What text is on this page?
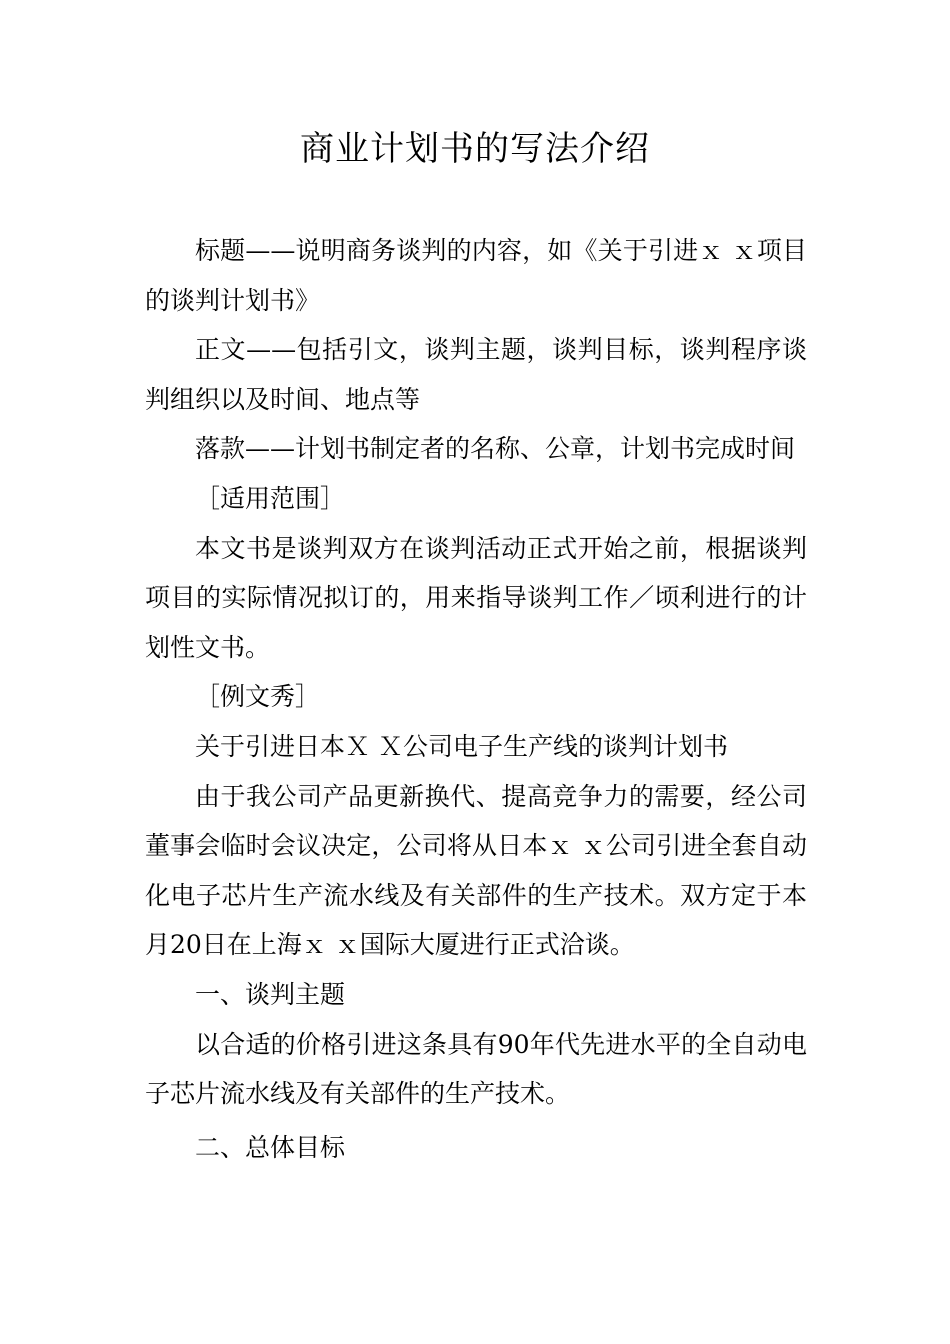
商业计划书的写法介绍

标题——说明商务谈判的内容，如《关于引进ｘ ｘ项目的谈判计划书》

正文——包括引文，谈判主题，谈判目标，谈判程序谈判组织以及时间、地点等

落款——计划书制定者的名称、公章，计划书完成时间

［适用范围］

本文书是谈判双方在谈判活动正式开始之前，根据谈判项目的实际情况拟订的，用来指导谈判工作／顷利进行的计划性文书。

［例文秀］

关于引进日本Ｘ Ｘ公司电子生产线的谈判计划书

由于我公司产品更新换代、提高竞争力的需要，经公司董事会临时会议决定，公司将从日本ｘ ｘ公司引进全套自动化电子芯片生产流水线及有关部件的生产技术。双方定于本月20日在上海ｘ ｘ国际大厦进行正式洽谈。

一、谈判主题

以合适的价格引进这条具有90年代先进水平的全自动电子芯片流水线及有关部件的生产技术。

二、总体目标
